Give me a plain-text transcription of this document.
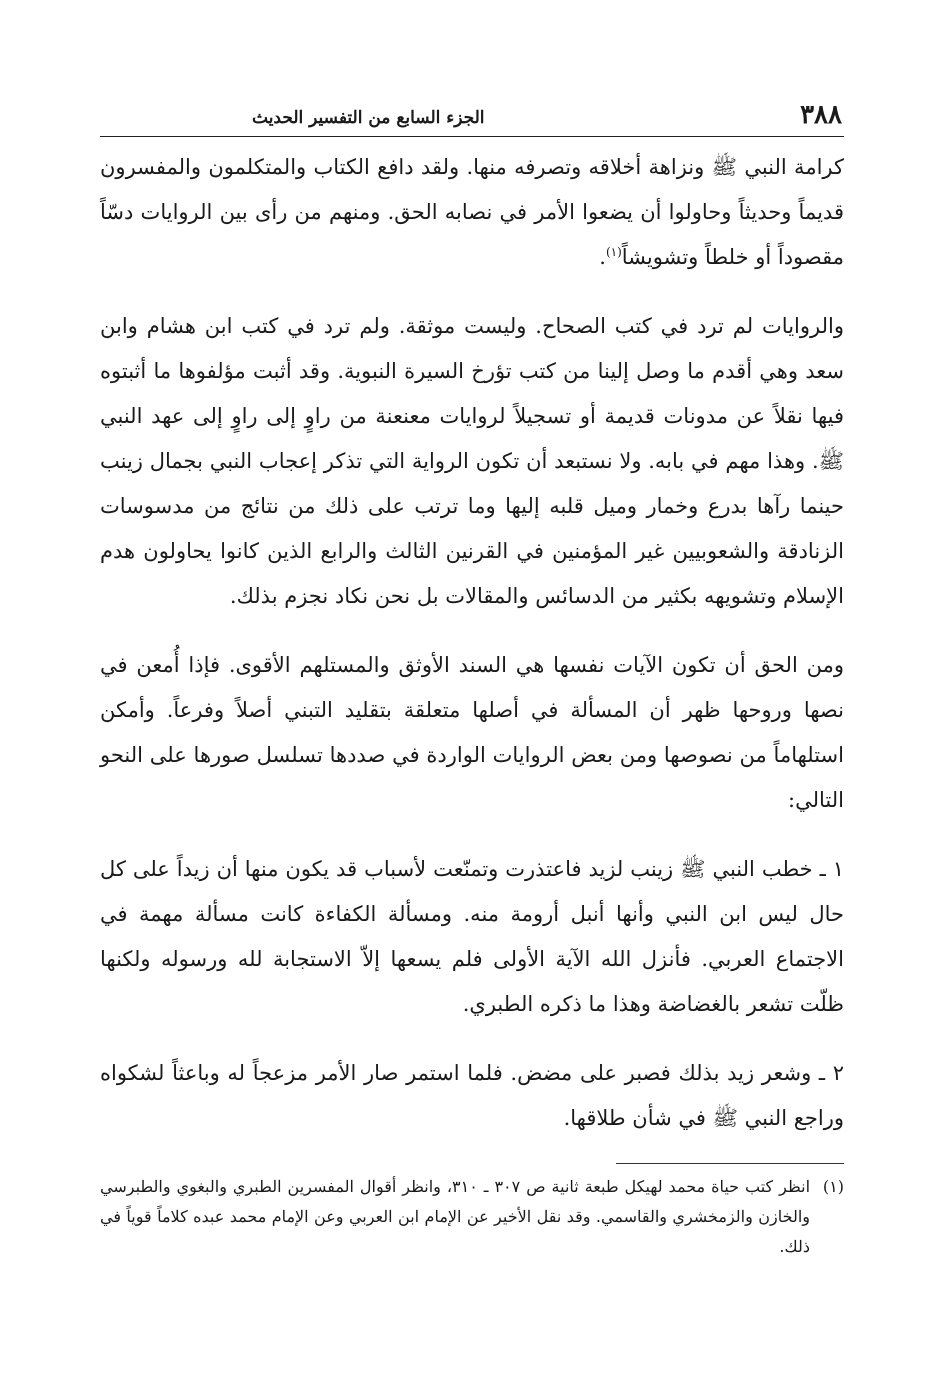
٣٨٨
الجزء السابع من التفسير الحديث

كرامة النبي ﷺ ونزاهة أخلاقه وتصرفه منها. ولقد دافع الكتاب والمتكلمون والمفسرون قديماً وحديثاً وحاولوا أن يضعوا الأمر في نصابه الحق. ومنهم من رأى بين الروايات دسّاً مقصوداً أو خلطاً وتشويشاً$^{(١)}$.

والروايات لم ترد في كتب الصحاح. وليست موثقة. ولم ترد في كتب ابن هشام وابن سعد وهي أقدم ما وصل إلينا من كتب تؤرخ السيرة النبوية. وقد أثبت مؤلفوها ما أثبتوه فيها نقلاً عن مدونات قديمة أو تسجيلاً لروايات معنعنة من راوٍ إلى راوٍ إلى عهد النبي ﷺ. وهذا مهم في بابه. ولا نستبعد أن تكون الرواية التي تذكر إعجاب النبي بجمال زينب حينما رآها بدرع وخمار وميل قلبه إليها وما ترتب على ذلك من نتائج من مدسوسات الزنادقة والشعوبيين غير المؤمنين في القرنين الثالث والرابع الذين كانوا يحاولون هدم الإسلام وتشويهه بكثير من الدسائس والمقالات بل نحن نكاد نجزم بذلك.

ومن الحق أن تكون الآيات نفسها هي السند الأوثق والمستلهم الأقوى. فإذا أُمعن في نصها وروحها ظهر أن المسألة في أصلها متعلقة بتقليد التبني أصلاً وفرعاً. وأمكن استلهاماً من نصوصها ومن بعض الروايات الواردة في صددها تسلسل صورها على النحو التالي:

١ ـ خطب النبي ﷺ زينب لزيد فاعتذرت وتمنّعت لأسباب قد يكون منها أن زيداً على كل حال ليس ابن النبي وأنها أنبل أرومة منه. ومسألة الكفاءة كانت مسألة مهمة في الاجتماع العربي. فأنزل الله الآية الأولى فلم يسعها إلاّ الاستجابة لله ورسوله ولكنها ظلّت تشعر بالغضاضة وهذا ما ذكره الطبري.

٢ ـ وشعر زيد بذلك فصبر على مضض. فلما استمر صار الأمر مزعجاً له وباعثاً لشكواه وراجع النبي ﷺ في شأن طلاقها.

(١)
انظر كتب حياة محمد لهيكل طبعة ثانية ص ٣٠٧ ـ ٣١٠، وانظر أقوال المفسرين الطبري والبغوي والطبرسي والخازن والزمخشري والقاسمي. وقد نقل الأخير عن الإمام ابن العربي وعن الإمام محمد عبده كلاماً قوياً في ذلك.
